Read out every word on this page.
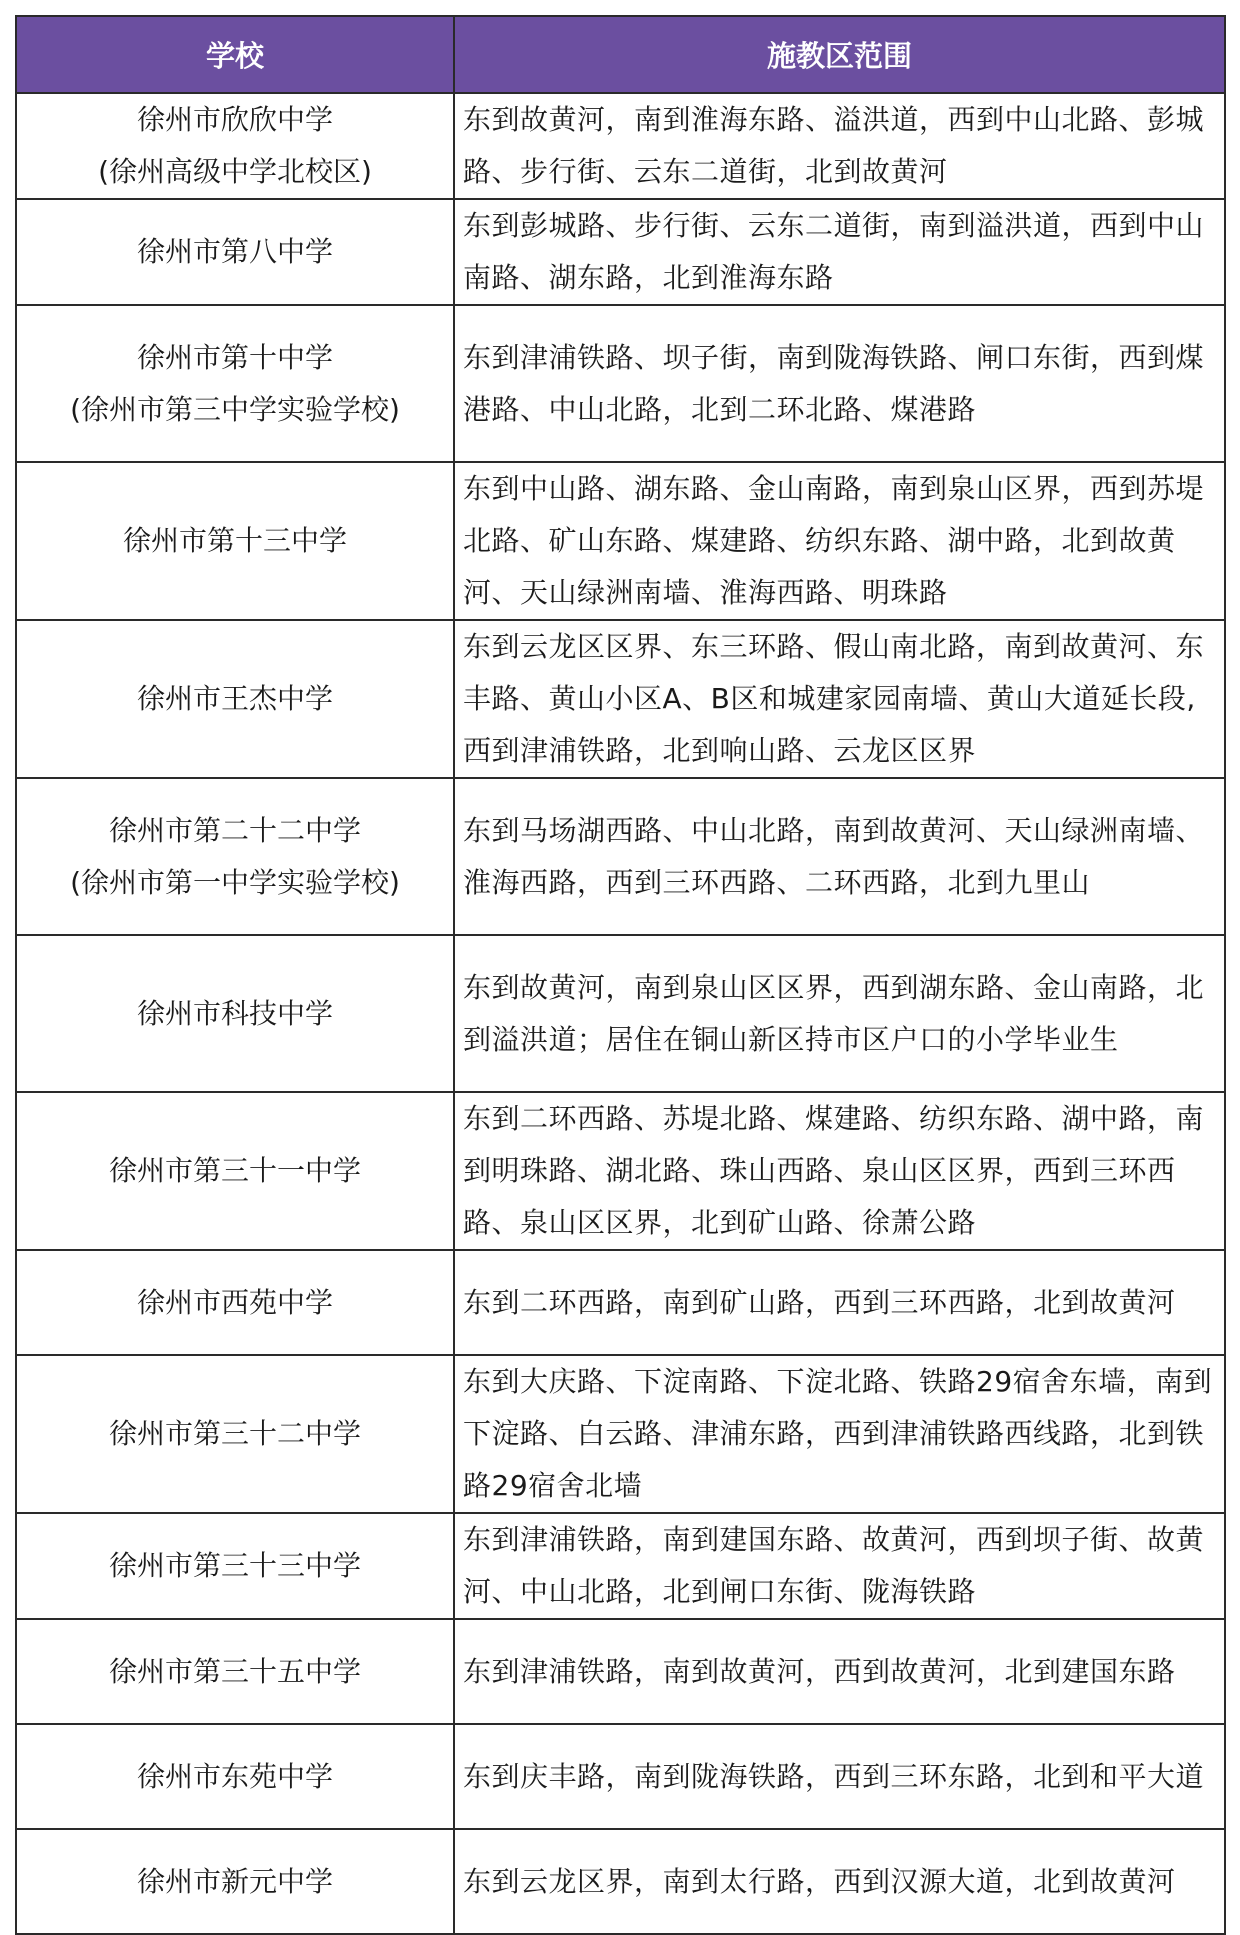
学校	施教区范围

徐州市欣欣中学
(徐州高级中学北校区)	东到故黄河，南到淮海东路、溢洪道，西到中山北路、彭城路、步行街、云东二道街，北到故黄河

徐州市第八中学	东到彭城路、步行街、云东二道街，南到溢洪道，西到中山南路、湖东路，北到淮海东路

徐州市第十中学
(徐州市第三中学实验学校)	东到津浦铁路、坝子街，南到陇海铁路、闸口东街，西到煤港路、中山北路，北到二环北路、煤港路

徐州市第十三中学	东到中山路、湖东路、金山南路，南到泉山区界，西到苏堤北路、矿山东路、煤建路、纺织东路、湖中路，北到故黄河、天山绿洲南墙、淮海西路、明珠路

徐州市王杰中学	东到云龙区区界、东三环路、假山南北路，南到故黄河、东丰路、黄山小区A、B区和城建家园南墙、黄山大道延长段,西到津浦铁路，北到响山路、云龙区区界

徐州市第二十二中学
(徐州市第一中学实验学校)	东到马场湖西路、中山北路，南到故黄河、天山绿洲南墙、淮海西路，西到三环西路、二环西路，北到九里山

徐州市科技中学	东到故黄河，南到泉山区区界，西到湖东路、金山南路，北到溢洪道；居住在铜山新区持市区户口的小学毕业生

徐州市第三十一中学	东到二环西路、苏堤北路、煤建路、纺织东路、湖中路，南到明珠路、湖北路、珠山西路、泉山区区界，西到三环西路、泉山区区界，北到矿山路、徐萧公路

徐州市西苑中学	东到二环西路，南到矿山路，西到三环西路，北到故黄河

徐州市第三十二中学	东到大庆路、下淀南路、下淀北路、铁路29宿舍东墙，南到下淀路、白云路、津浦东路，西到津浦铁路西线路，北到铁路29宿舍北墙

徐州市第三十三中学	东到津浦铁路，南到建国东路、故黄河，西到坝子街、故黄河、中山北路，北到闸口东街、陇海铁路

徐州市第三十五中学	东到津浦铁路，南到故黄河，西到故黄河，北到建国东路

徐州市东苑中学	东到庆丰路，南到陇海铁路，西到三环东路，北到和平大道

徐州市新元中学	东到云龙区界，南到太行路，西到汉源大道，北到故黄河
